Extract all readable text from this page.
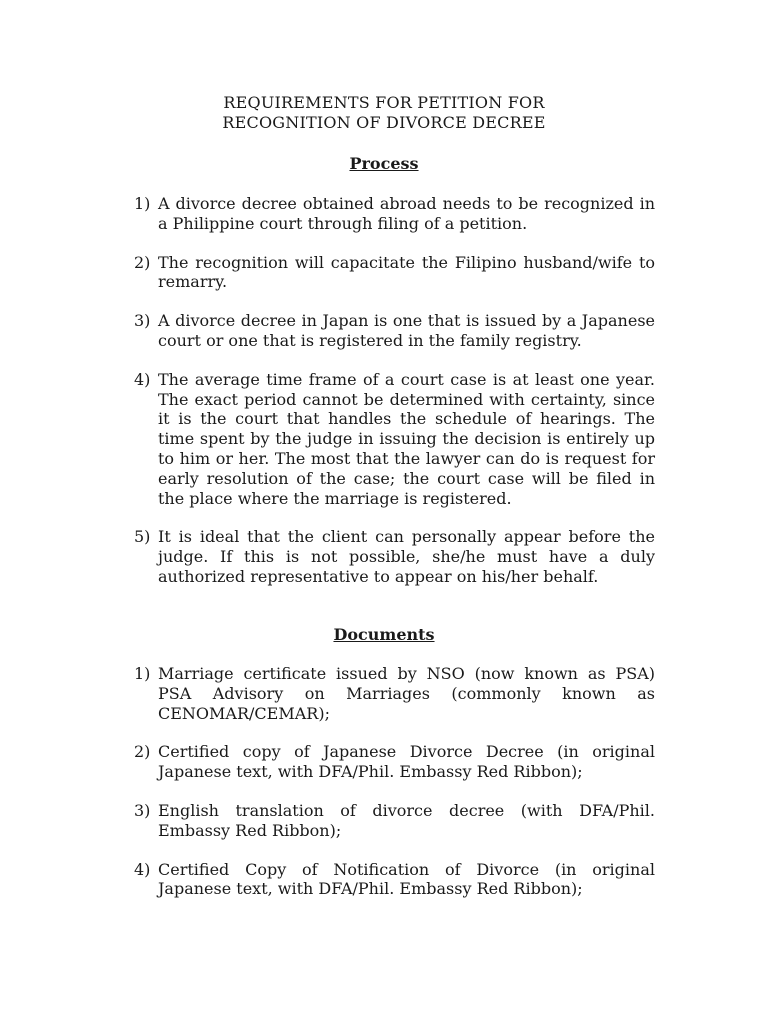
REQUIREMENTS FOR PETITION FOR
RECOGNITION OF DIVORCE DECREE
Process
1) A divorce decree obtained abroad needs to be recognized in a Philippine court through filing of a petition.
2) The recognition will capacitate the Filipino husband/wife to remarry.
3) A divorce decree in Japan is one that is issued by a Japanese court or one that is registered in the family registry.
4) The average time frame of a court case is at least one year. The exact period cannot be determined with certainty, since it is the court that handles the schedule of hearings. The time spent by the judge in issuing the decision is entirely up to him or her. The most that the lawyer can do is request for early resolution of the case; the court case will be filed in the place where the marriage is registered.
5) It is ideal that the client can personally appear before the judge. If this is not possible, she/he must have a duly authorized representative to appear on his/her behalf.
Documents
1) Marriage certificate issued by NSO (now known as PSA) PSA Advisory on Marriages (commonly known as CENOMAR/CEMAR);
2) Certified copy of Japanese Divorce Decree (in original Japanese text, with DFA/Phil. Embassy Red Ribbon);
3) English translation of divorce decree (with DFA/Phil. Embassy Red Ribbon);
4) Certified Copy of Notification of Divorce (in original Japanese text, with DFA/Phil. Embassy Red Ribbon);
